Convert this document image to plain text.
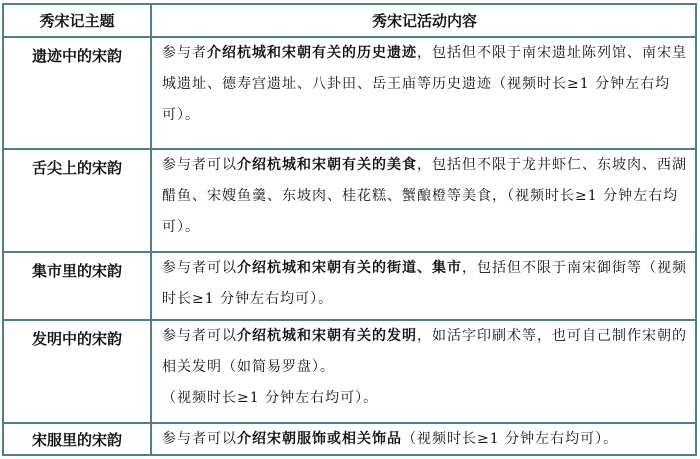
秀宋记主题	秀宋记活动内容
遗迹中的宋韵	参与者介绍杭城和宋朝有关的历史遗迹，包括但不限于南宋遗址陈列馆、南宋皇城遗址、德寿宫遗址、八卦田、岳王庙等历史遗迹（视频时长≥1 分钟左右均可）。

舌尖上的宋韵	参与者可以介绍杭城和宋朝有关的美食，包括但不限于龙井虾仁、东坡肉、西湖醋鱼、宋嫂鱼羹、东坡肉、桂花糕、蟹酿橙等美食，（视频时长≥1 分钟左右均可）。

集市里的宋韵	参与者可以介绍杭城和宋朝有关的街道、集市，包括但不限于南宋御街等（视频时长≥1 分钟左右均可）。

发明中的宋韵	参与者可以介绍杭城和宋朝有关的发明，如活字印刷术等，也可自己制作宋朝的相关发明（如简易罗盘）。

（视频时长≥1 分钟左右均可）。

宋服里的宋韵	参与者可以介绍宋朝服饰或相关饰品（视频时长≥1 分钟左右均可）。
